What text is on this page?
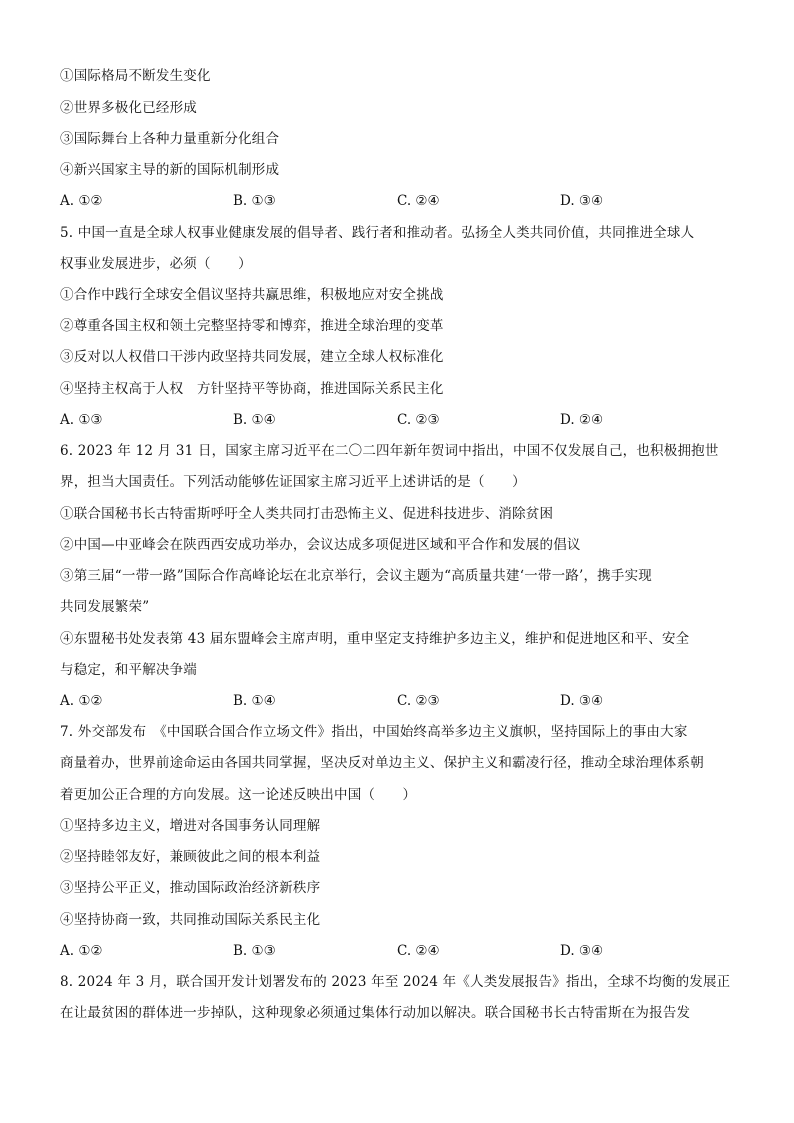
①国际格局不断发生变化
②世界多极化已经形成
③国际舞台上各种力量重新分化组合
④新兴国家主导的新的国际机制形成
A. ①②	B. ①③	C. ②④	D. ③④
5. 中国一直是全球人权事业健康发展的倡导者、践行者和推动者。弘扬全人类共同价值，共同推进全球人
权事业发展进步，必须（　　）
①合作中践行全球安全倡议坚持共赢思维，积极地应对安全挑战
②尊重各国主权和领土完整坚持零和博弈，推进全球治理的变革
③反对以人权借口干涉内政坚持共同发展，建立全球人权标准化
④坚持主权高于人权　方针坚持平等协商，推进国际关系民主化
A. ①③	B. ①④	C. ②③	D. ②④
6. 2023 年 12 月 31 日，国家主席习近平在二〇二四年新年贺词中指出，中国不仅发展自己，也积极拥抱世
界，担当大国责任。下列活动能够佐证国家主席习近平上述讲话的是（　　）
①联合国秘书长古特雷斯呼吁全人类共同打击恐怖主义、促进科技进步、消除贫困
②中国—中亚峰会在陕西西安成功举办，会议达成多项促进区域和平合作和发展的倡议
③第三届“一带一路”国际合作高峰论坛在北京举行，会议主题为“高质量共建‘一带一路’，携手实现
共同发展繁荣”
④东盟秘书处发表第 43 届东盟峰会主席声明，重申坚定支持维护多边主义，维护和促进地区和平、安全
与稳定，和平解决争端
A. ①②	B. ①④	C. ②③	D. ③④
7. 外交部发布　《中国联合国合作立场文件》指出，中国始终高举多边主义旗帜，坚持国际上的事由大家
商量着办，世界前途命运由各国共同掌握，坚决反对单边主义、保护主义和霸凌行径，推动全球治理体系朝
着更加公正合理的方向发展。这一论述反映出中国（　　）
①坚持多边主义，增进对各国事务认同理解
②坚持睦邻友好，兼顾彼此之间的根本利益
③坚持公平正义，推动国际政治经济新秩序
④坚持协商一致，共同推动国际关系民主化
A. ①②	B. ①③	C. ②④	D. ③④
8. 2024 年 3 月，联合国开发计划署发布的 2023 年至 2024 年《人类发展报告》指出，全球不均衡的发展正
在让最贫困的群体进一步掉队，这种现象必须通过集体行动加以解决。联合国秘书长古特雷斯在为报告发
